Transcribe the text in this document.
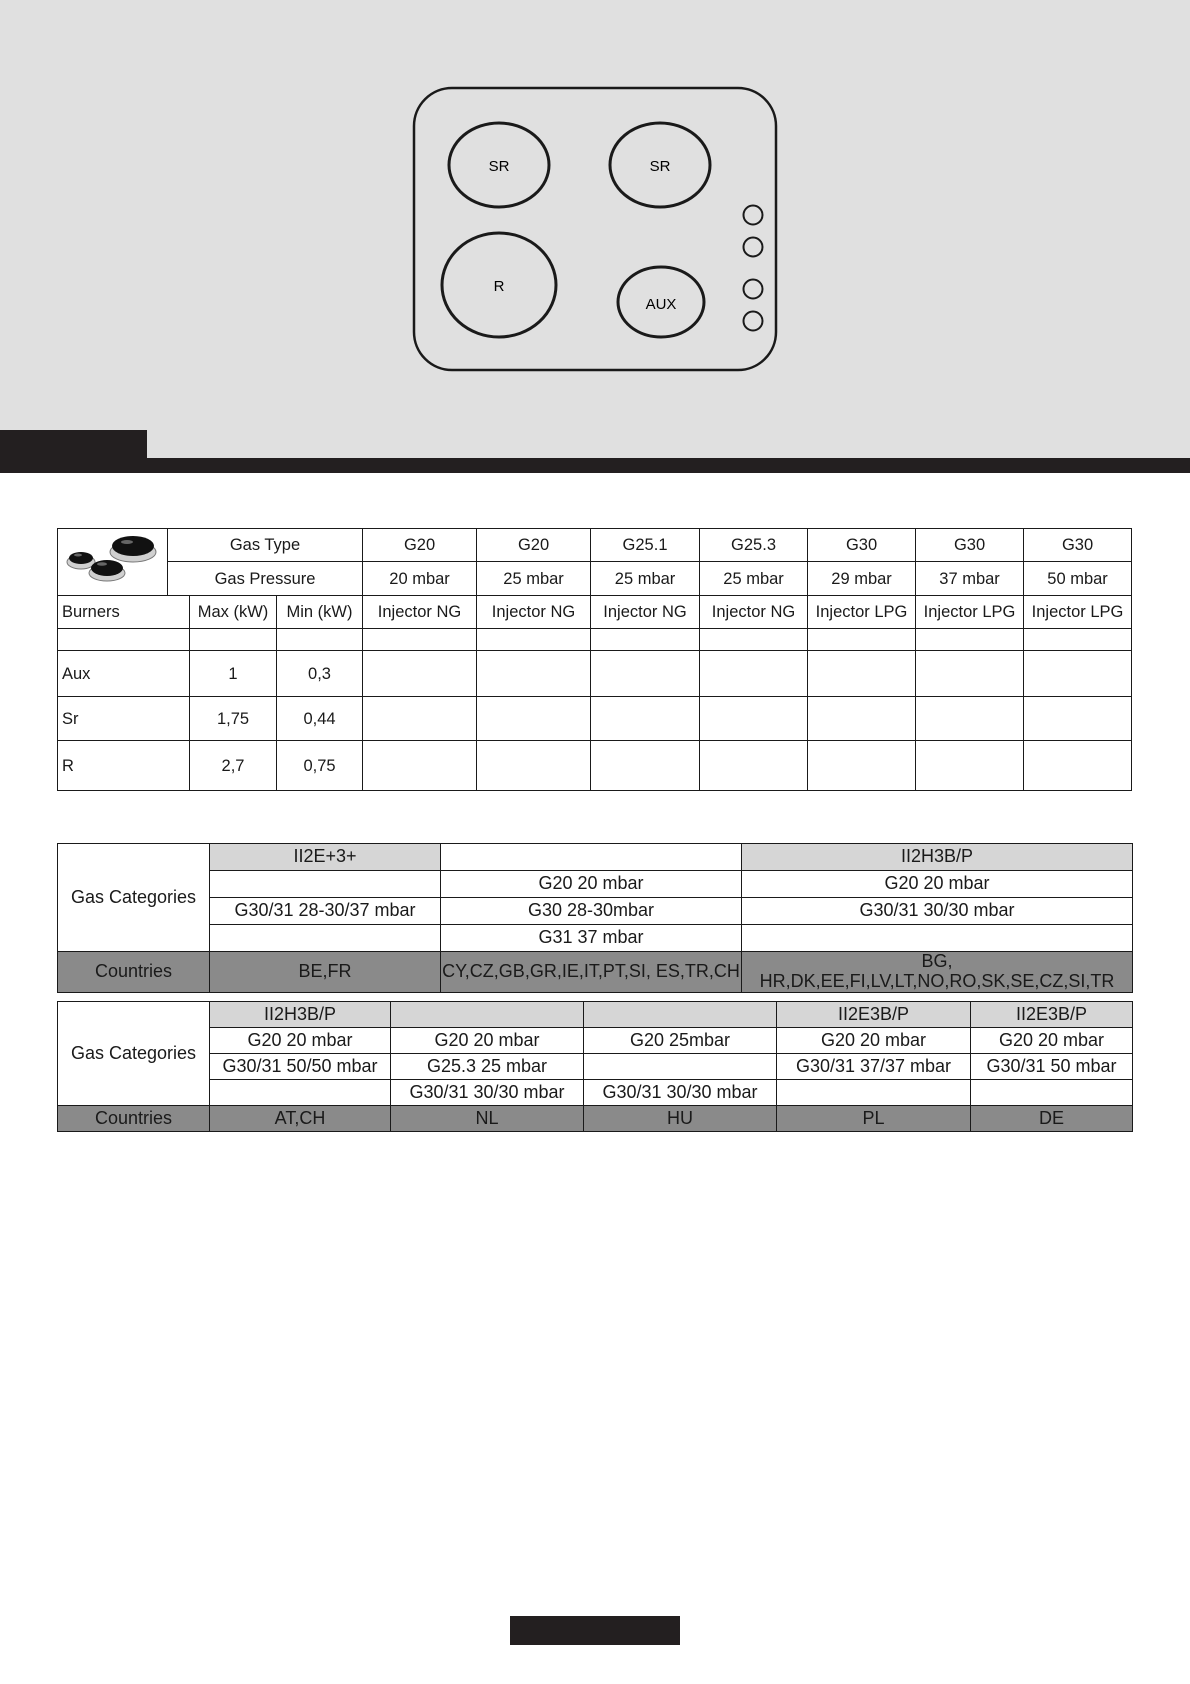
SR	SR
R
AUX
	Gas Type			G20	G20	G25.1	G25.3	G30	G30	G30
	Gas Pressure			20 mbar	25 mbar	25 mbar	25 mbar	29 mbar	37 mbar	50 mbar
Burners		Max (kW)	Min (kW)	Injector NG	Injector NG	Injector NG	Injector NG	Injector LPG	Injector LPG	Injector LPG

Aux		1	0,3							
Sr		1,75	0,44							
R		2,7	0,75							
Gas Categories	II2E+3+		II2H3B/P
		G20 20 mbar	G20 20 mbar
	G30/31 28-30/37 mbar	G30 28-30mbar	G30/31 30/30 mbar
		G31 37 mbar	
Countries	BE,FR	CY,CZ,GB,GR,IE,IT,PT,SI, ES,TR,CH	BG, HR,DK,EE,FI,LV,LT,NO,RO,SK,SE,CZ,SI,TR
Gas Categories	II2H3B/P			II2E3B/P	II2E3B/P
	G20 20 mbar	G20 20 mbar	G20 25mbar	G20 20 mbar	G20 20 mbar
	G30/31 50/50 mbar	G25.3 25 mbar		G30/31 37/37 mbar	G30/31 50 mbar
		G30/31 30/30 mbar	G30/31 30/30 mbar		
Countries	AT,CH	NL	HU	PL	DE
